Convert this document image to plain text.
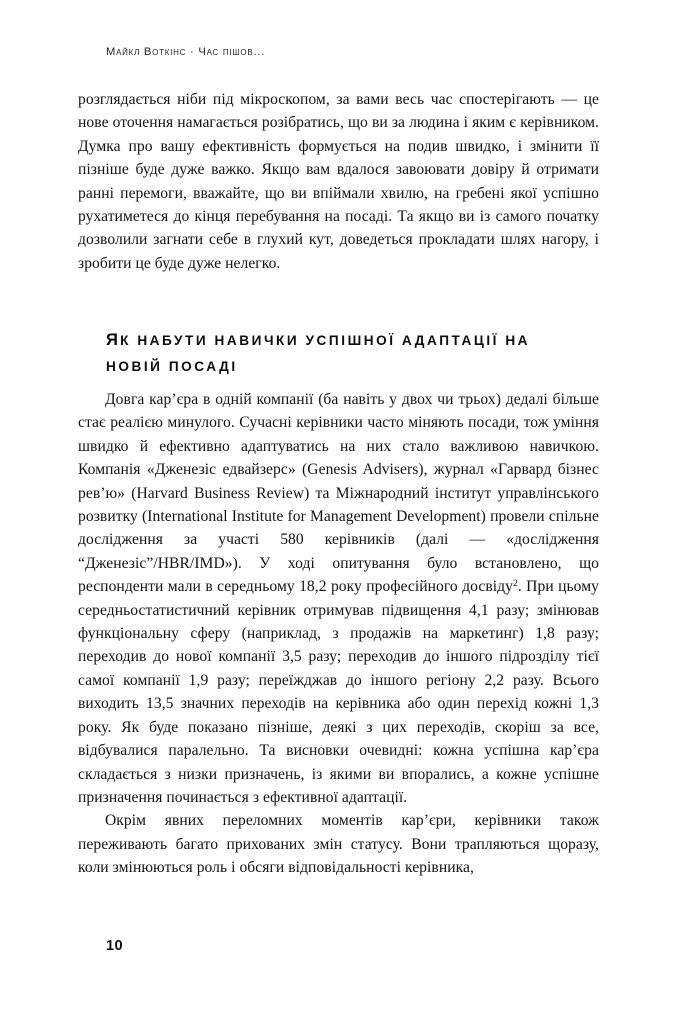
Майкл Воткінс · Час пішов...

розглядається ніби під мікроскопом, за вами весь час спостерігають — це нове оточення намагається розібратись, що ви за людина і яким є керівником. Думка про вашу ефективність формується на подив швидко, і змінити її пізніше буде дуже важко. Якщо вам вдалося завоювати довіру й отримати ранні перемоги, вважайте, що ви впіймали хвилю, на гребені якої успішно рухатиметеся до кінця перебування на посаді. Та якщо ви із самого початку дозволили загнати себе в глухий кут, доведеться прокладати шлях нагору, і зробити це буде дуже нелегко.

ЯК НАБУТИ НАВИЧКИ УСПІШНОЇ АДАПТАЦІЇ НА НОВІЙ ПОСАДІ

Довга кар’єра в одній компанії (ба навіть у двох чи трьох) дедалі більше стає реалією минулого. Сучасні керівники часто міняють посади, тож уміння швидко й ефективно адаптуватись на них стало важливою навичкою. Компанія «Дженезіс едвайзерс» (Genesis Advisers), журнал «Гарвард бізнес рев’ю» (Harvard Business Review) та Міжнародний інститут управлінського розвитку (International Institute for Management Development) провели спільне дослідження за участі 580 керівників (далі — «дослідження “Дженезіс”/HBR/IMD»). У ході опитування було встановлено, що респонденти мали в середньому 18,2 року професійного досвіду$^2$. При цьому середньостатистичний керівник отримував підвищення 4,1 разу; змінював функціональну сферу (наприклад, з продажів на маркетинг) 1,8 разу; переходив до нової компанії 3,5 разу; переходив до іншого підрозділу тієї самої компанії 1,9 разу; переїжджав до іншого регіону 2,2 разу. Всього виходить 13,5 значних переходів на керівника або один перехід кожні 1,3 року. Як буде показано пізніше, деякі з цих переходів, скоріш за все, відбувалися паралельно. Та висновки очевидні: кожна успішна кар’єра складається з низки призначень, із якими ви впорались, а кожне успішне призначення починається з ефективної адаптації.

Окрім явних переломних моментів кар’єри, керівники також переживають багато прихованих змін статусу. Вони трапляються щоразу, коли змінюються роль і обсяги відповідальності керівника,

10
